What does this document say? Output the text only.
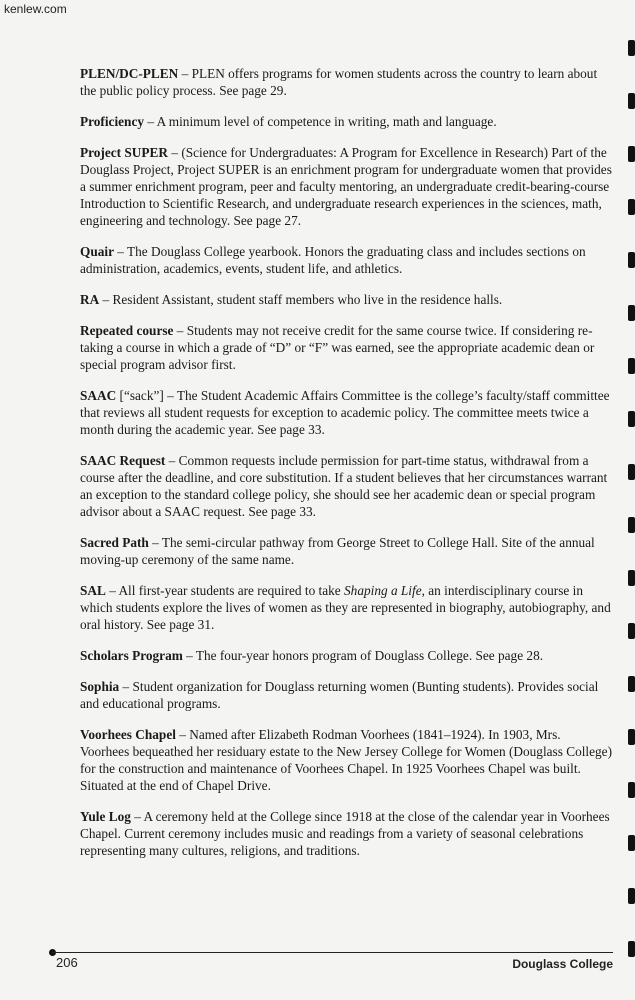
kenlew.com

PLEN/DC-PLEN – PLEN offers programs for women students across the country to learn about the public policy process. See page 29.

Proficiency – A minimum level of competence in writing, math and language.

Project SUPER – (Science for Undergraduates: A Program for Excellence in Research) Part of the Douglass Project, Project SUPER is an enrichment program for undergraduate women that provides a summer enrichment program, peer and faculty mentoring, an undergraduate credit-bearing-course Introduction to Scientific Research, and undergraduate research experiences in the sciences, math, engineering and technology. See page 27.

Quair – The Douglass College yearbook. Honors the graduating class and includes sections on administration, academics, events, student life, and athletics.

RA – Resident Assistant, student staff members who live in the residence halls.

Repeated course – Students may not receive credit for the same course twice. If considering re-taking a course in which a grade of “D” or “F” was earned, see the appropriate academic dean or special program advisor first.

SAAC [“sack”] – The Student Academic Affairs Committee is the college’s faculty/staff committee that reviews all student requests for exception to academic policy. The committee meets twice a month during the academic year. See page 33.

SAAC Request – Common requests include permission for part-time status, withdrawal from a course after the deadline, and core substitution. If a student believes that her circumstances warrant an exception to the standard college policy, she should see her academic dean or special program advisor about a SAAC request. See page 33.

Sacred Path – The semi-circular pathway from George Street to College Hall. Site of the annual moving-up ceremony of the same name.

SAL – All first-year students are required to take Shaping a Life, an interdisciplinary course in which students explore the lives of women as they are represented in biography, autobiography, and oral history. See page 31.

Scholars Program – The four-year honors program of Douglass College. See page 28.

Sophia – Student organization for Douglass returning women (Bunting students). Provides social and educational programs.

Voorhees Chapel – Named after Elizabeth Rodman Voorhees (1841–1924). In 1903, Mrs. Voorhees bequeathed her residuary estate to the New Jersey College for Women (Douglass College) for the construction and maintenance of Voorhees Chapel. In 1925 Voorhees Chapel was built. Situated at the end of Chapel Drive.

Yule Log – A ceremony held at the College since 1918 at the close of the calendar year in Voorhees Chapel. Current ceremony includes music and readings from a variety of seasonal celebrations representing many cultures, religions, and traditions.

206	Douglass College
